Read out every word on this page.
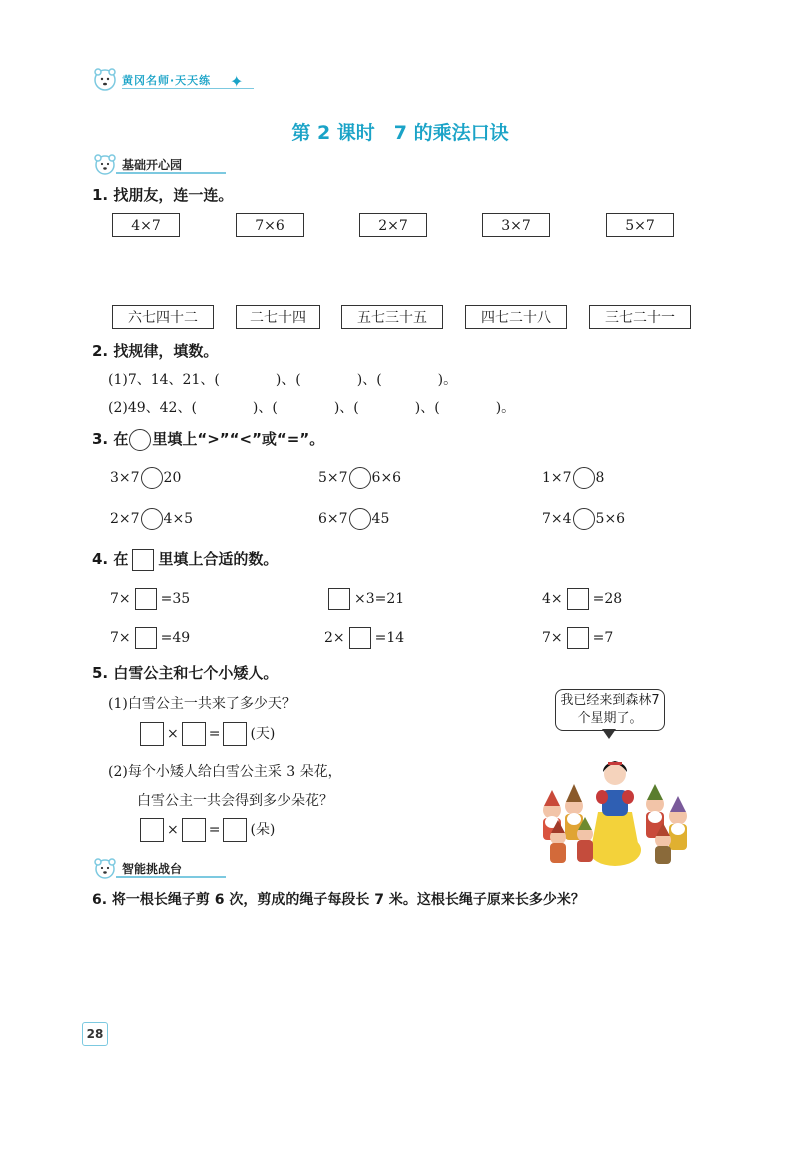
黄冈名师·天天练 ✦
第 2 课时　7 的乘法口诀
基础开心园
1. 找朋友，连一连。
4×7	7×6	2×7	3×7	5×7
六七四十二	二七十四	五七三十五	四七二十八	三七二十一
2. 找规律，填数。
(1)7、14、21、(　　　　)、(　　　　)、(　　　　)。
(2)49、42、(　　　　)、(　　　　)、(　　　　)、(　　　　)。
3. 在 里填上“>”“<”或“=”。
3×7 20	5×7 6×6	1×7 8
2×7 4×5	6×7 45	7×4 5×6
4. 在 里填上合适的数。
7× =35	×3=21	4× =28
7× =49	2× =14	7× =7
5. 白雪公主和七个小矮人。
(1)白雪公主一共来了多少天？
× = (天)
(2)每个小矮人给白雪公主采 3 朵花，
白雪公主一共会得到多少朵花？
× = (朵)
我已经来到森林7个星期了。
智能挑战台
6. 将一根长绳子剪 6 次，剪成的绳子每段长 7 米。这根长绳子原来长多少米？
28
